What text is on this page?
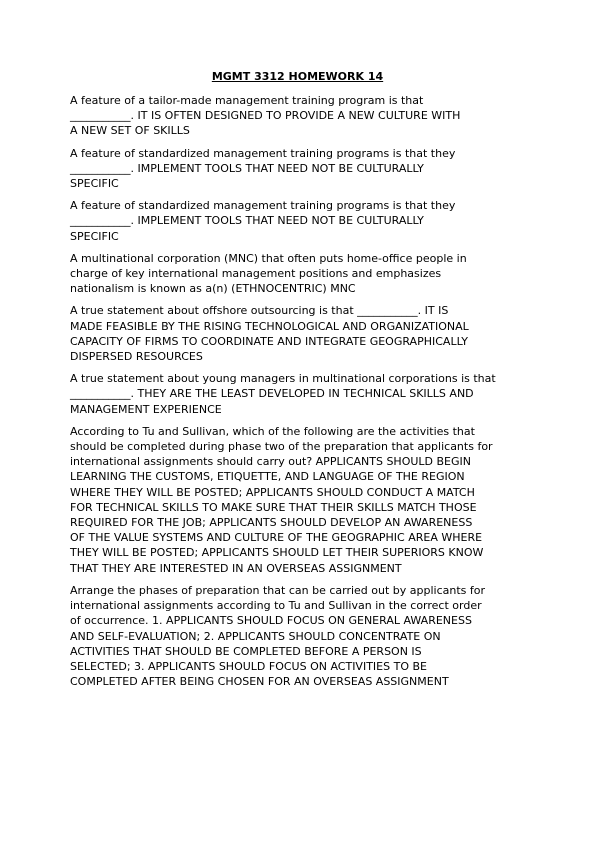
MGMT 3312 HOMEWORK 14

A feature of a tailor-made management training program is that
___________. IT IS OFTEN DESIGNED TO PROVIDE A NEW CULTURE WITH
A NEW SET OF SKILLS

A feature of standardized management training programs is that they
___________. IMPLEMENT TOOLS THAT NEED NOT BE CULTURALLY
SPECIFIC

A feature of standardized management training programs is that they
___________. IMPLEMENT TOOLS THAT NEED NOT BE CULTURALLY
SPECIFIC

A multinational corporation (MNC) that often puts home-office people in
charge of key international management positions and emphasizes
nationalism is known as a(n) (ETHNOCENTRIC) MNC

A true statement about offshore outsourcing is that ___________. IT IS
MADE FEASIBLE BY THE RISING TECHNOLOGICAL AND ORGANIZATIONAL
CAPACITY OF FIRMS TO COORDINATE AND INTEGRATE GEOGRAPHICALLY
DISPERSED RESOURCES

A true statement about young managers in multinational corporations is that
___________. THEY ARE THE LEAST DEVELOPED IN TECHNICAL SKILLS AND
MANAGEMENT EXPERIENCE

According to Tu and Sullivan, which of the following are the activities that
should be completed during phase two of the preparation that applicants for
international assignments should carry out? APPLICANTS SHOULD BEGIN
LEARNING THE CUSTOMS, ETIQUETTE, AND LANGUAGE OF THE REGION
WHERE THEY WILL BE POSTED; APPLICANTS SHOULD CONDUCT A MATCH
FOR TECHNICAL SKILLS TO MAKE SURE THAT THEIR SKILLS MATCH THOSE
REQUIRED FOR THE JOB; APPLICANTS SHOULD DEVELOP AN AWARENESS
OF THE VALUE SYSTEMS AND CULTURE OF THE GEOGRAPHIC AREA WHERE
THEY WILL BE POSTED; APPLICANTS SHOULD LET THEIR SUPERIORS KNOW
THAT THEY ARE INTERESTED IN AN OVERSEAS ASSIGNMENT

Arrange the phases of preparation that can be carried out by applicants for
international assignments according to Tu and Sullivan in the correct order
of occurrence. 1. APPLICANTS SHOULD FOCUS ON GENERAL AWARENESS
AND SELF-EVALUATION; 2. APPLICANTS SHOULD CONCENTRATE ON
ACTIVITIES THAT SHOULD BE COMPLETED BEFORE A PERSON IS
SELECTED; 3. APPLICANTS SHOULD FOCUS ON ACTIVITIES TO BE
COMPLETED AFTER BEING CHOSEN FOR AN OVERSEAS ASSIGNMENT
